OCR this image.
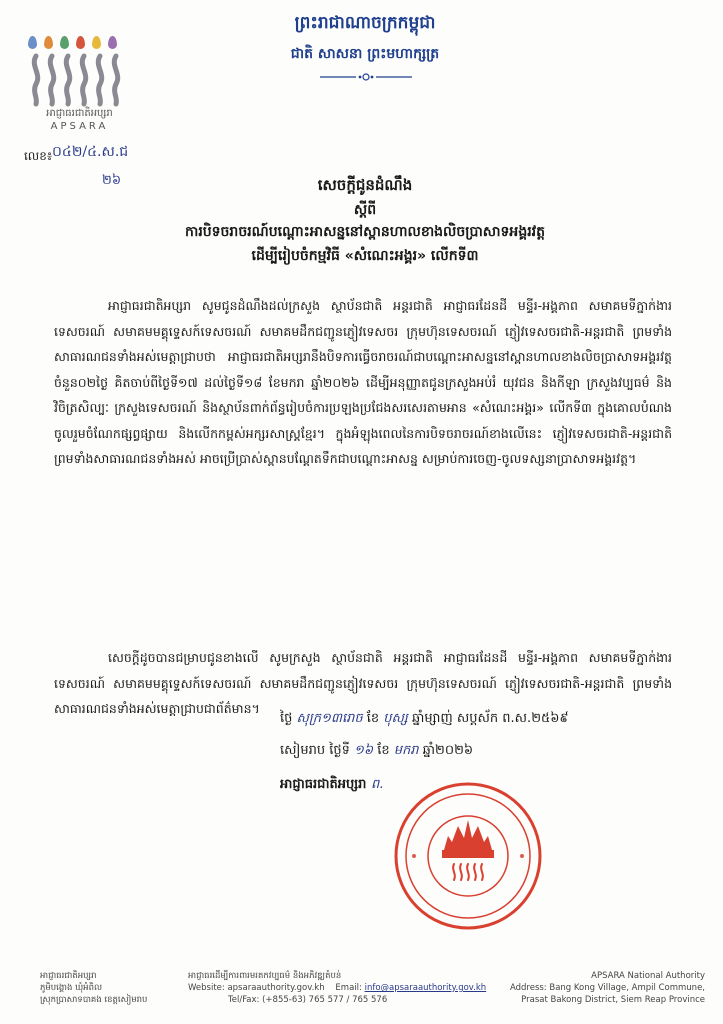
អាជ្ញាធរជាតិអប្សរា
APSARA
ព្រះរាជាណាចក្រកម្ពុជា
ជាតិ សាសនា ព្រះមហាក្សត្រ
លេខ៖ ០៤២/៤.ស.ជ
២៦	សេចក្តីជូនដំណឹង
ស្តីពី
ការបិទចរាចរណ៍បណ្តោះអាសន្ននៅស្ពានហាលខាងលិចប្រាសាទអង្គរវត្ត
ដើម្បីរៀបចំកម្មវិធី «សំណេះអង្គរ» លើកទី៣
អាជ្ញាធរជាតិអប្សរា សូមជូនដំណឹងដល់ក្រសួង ស្ថាប័នជាតិ អន្តរជាតិ អាជ្ញាធរដែនដី មន្ទីរ-អង្គភាព សមាគមទីភ្នាក់ងារទេសចរណ៍ សមាគមមគ្គុទ្ទេសក៍ទេសចរណ៍ សមាគមដឹកជញ្ជូនភ្ញៀវទេសចរ ក្រុមហ៊ុនទេសចរណ៍ ភ្ញៀវទេសចរជាតិ-អន្តរជាតិ ព្រមទាំងសាធារណជនទាំងអស់មេត្តាជ្រាបថា អាជ្ញាធរជាតិអប្សរានឹងបិទការធ្វើចរាចរណ៍ជាបណ្តោះអាសន្ននៅស្ពានហាលខាងលិចប្រាសាទអង្គរវត្ត ចំនួន០២ថ្ងៃ គិតចាប់ពីថ្ងៃទី១៧ ដល់ថ្ងៃទី១៨ ខែមករា ឆ្នាំ២០២៦ ដើម្បីអនុញ្ញាតជូនក្រសួងអប់រំ យុវជន និងកីឡា ក្រសួងវប្បធម៌ និងវិចិត្រសិល្បៈ ក្រសួងទេសចរណ៍ និងស្ថាប័នពាក់ព័ន្ធរៀបចំការប្រឡងប្រជែងសរសេរតាមអាន «សំណេះអង្គរ» លើកទី៣ ក្នុងគោលបំណងចូលរួមចំណែកផ្សព្វផ្សាយ និងលើកកម្ពស់អក្សរសាស្ត្រខ្មែរ។ ក្នុងអំឡុងពេលនៃការបិទចរាចរណ៍ខាងលើនេះ ភ្ញៀវទេសចរជាតិ-អន្តរជាតិ ព្រមទាំងសាធារណជនទាំងអស់ អាចប្រើប្រាស់ស្ពានបណ្តែតទឹកជាបណ្តោះអាសន្ន សម្រាប់ការចេញ-ចូលទស្សនាប្រាសាទអង្គរវត្ត។
សេចក្តីដូចបានជម្រាបជូនខាងលើ សូមក្រសួង ស្ថាប័នជាតិ អន្តរជាតិ អាជ្ញាធរដែនដី មន្ទីរ-អង្គភាព សមាគមទីភ្នាក់ងារទេសចរណ៍ សមាគមមគ្គុទ្ទេសក៍ទេសចរណ៍ សមាគមដឹកជញ្ជូនភ្ញៀវទេសចរ ក្រុមហ៊ុនទេសចរណ៍ ភ្ញៀវទេសចរជាតិ-អន្តរជាតិ ព្រមទាំងសាធារណជនទាំងអស់មេត្តាជ្រាបជាព័ត៌មាន។
ថ្ងៃ សុក្រ១៣រោច ខែ បុស្ស ឆ្នាំម្សាញ់ សប្តស័ក ព.ស.២៥៦៩
សៀមរាប ថ្ងៃទី ១៦ ខែ មករា ឆ្នាំ២០២៦
អាជ្ញាធរជាតិអប្សរា ព.
អាជ្ញាធរជាតិអប្សរា
ភូមិបង្គោង ឃុំអំពិល
ស្រុកប្រាសាទបាគង ខេត្តសៀមរាប
អាជ្ញាធរដើម្បីការពារមរតកវប្បធម៌ និងអភិវឌ្ឍតំបន់
Website: apsaraauthority.gov.kh Email: info@apsaraauthority.gov.kh
Tel/Fax: (+855-63) 765 577 / 765 576
APSARA National Authority
Address: Bang Kong Village, Ampil Commune,
Prasat Bakong District, Siem Reap Province
